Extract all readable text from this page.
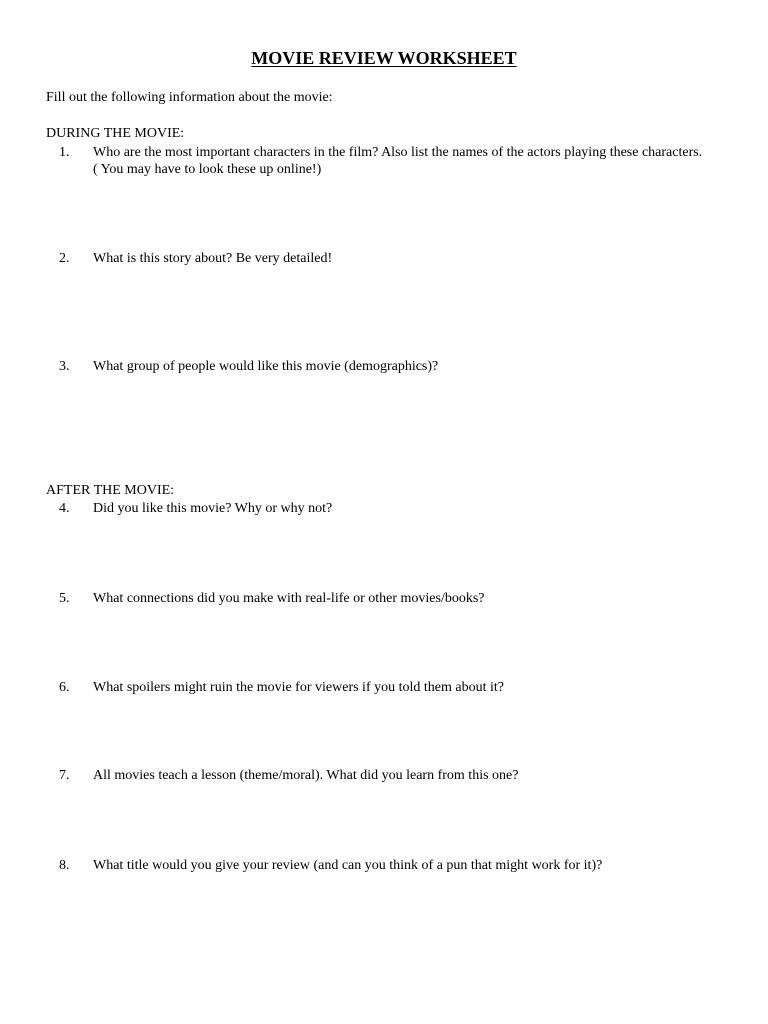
MOVIE REVIEW WORKSHEET
Fill out the following information about the movie:
DURING THE MOVIE:
1.	Who are the most important characters in the film? Also list the names of the actors playing these characters. ( You may have to look these up online!)
2.	What is this story about? Be very detailed!
3.	What group of people would like this movie (demographics)?
AFTER THE MOVIE:
4.	Did you like this movie? Why or why not?
5.	What connections did you make with real-life or other movies/books?
6.	What spoilers might ruin the movie for viewers if you told them about it?
7.	All movies teach a lesson (theme/moral). What did you learn from this one?
8.	What title would you give your review (and can you think of a pun that might work for it)?
